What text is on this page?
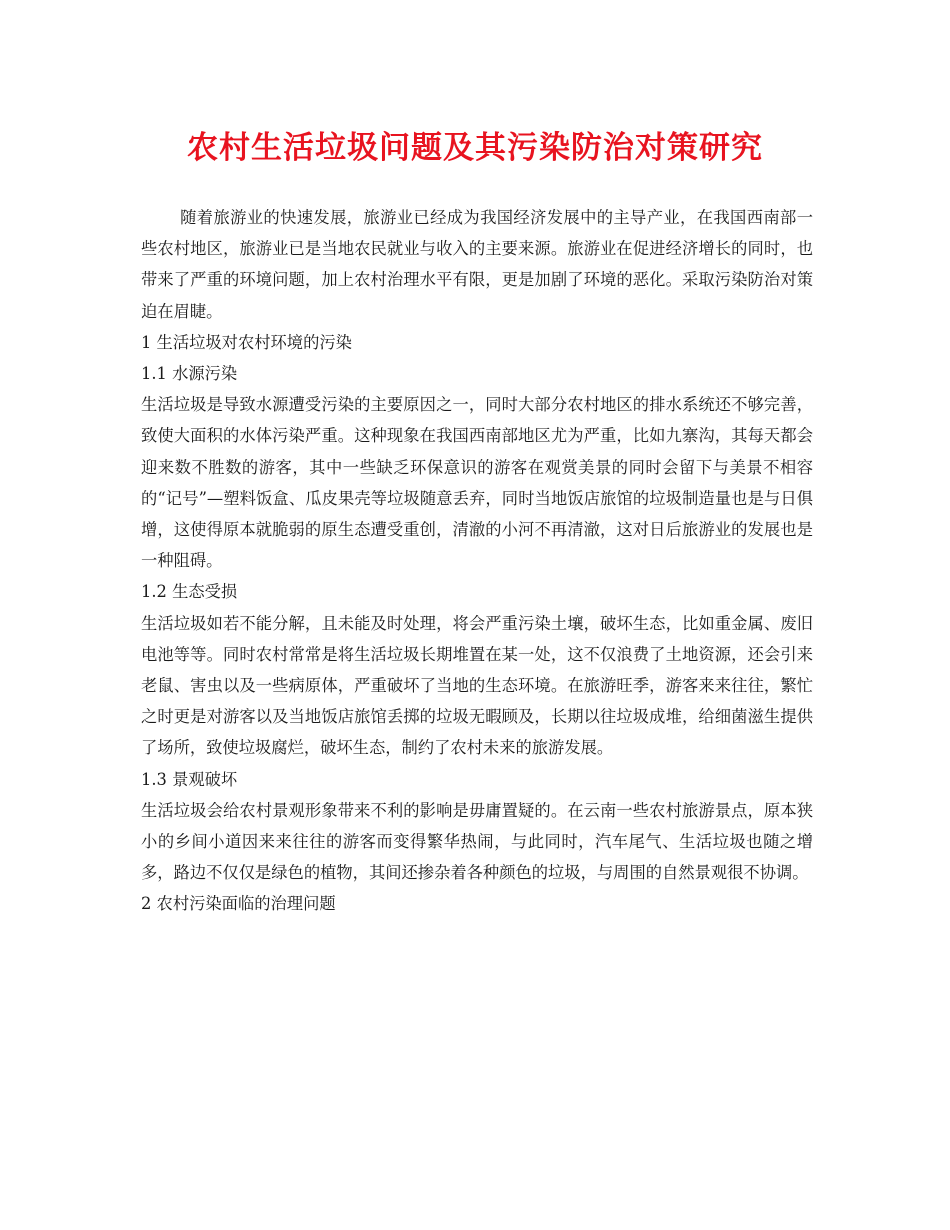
农村生活垃圾问题及其污染防治对策研究

随着旅游业的快速发展，旅游业已经成为我国经济发展中的主导产业，在我国西南部一些农村地区，旅游业已是当地农民就业与收入的主要来源。旅游业在促进经济增长的同时，也带来了严重的环境问题，加上农村治理水平有限，更是加剧了环境的恶化。采取污染防治对策迫在眉睫。

1 生活垃圾对农村环境的污染

1.1 水源污染

生活垃圾是导致水源遭受污染的主要原因之一，同时大部分农村地区的排水系统还不够完善，致使大面积的水体污染严重。这种现象在我国西南部地区尤为严重，比如九寨沟，其每天都会迎来数不胜数的游客，其中一些缺乏环保意识的游客在观赏美景的同时会留下与美景不相容的“记号”—塑料饭盒、瓜皮果壳等垃圾随意丢弃，同时当地饭店旅馆的垃圾制造量也是与日俱增，这使得原本就脆弱的原生态遭受重创，清澈的小河不再清澈，这对日后旅游业的发展也是一种阻碍。

1.2 生态受损

生活垃圾如若不能分解，且未能及时处理，将会严重污染土壤，破坏生态，比如重金属、废旧电池等等。同时农村常常是将生活垃圾长期堆置在某一处，这不仅浪费了土地资源，还会引来老鼠、害虫以及一些病原体，严重破坏了当地的生态环境。在旅游旺季，游客来来往往，繁忙之时更是对游客以及当地饭店旅馆丢掷的垃圾无暇顾及，长期以往垃圾成堆，给细菌滋生提供了场所，致使垃圾腐烂，破坏生态，制约了农村未来的旅游发展。

1.3 景观破坏

生活垃圾会给农村景观形象带来不利的影响是毋庸置疑的。在云南一些农村旅游景点，原本狭小的乡间小道因来来往往的游客而变得繁华热闹，与此同时，汽车尾气、生活垃圾也随之增多，路边不仅仅是绿色的植物，其间还掺杂着各种颜色的垃圾，与周围的自然景观很不协调。

2 农村污染面临的治理问题
